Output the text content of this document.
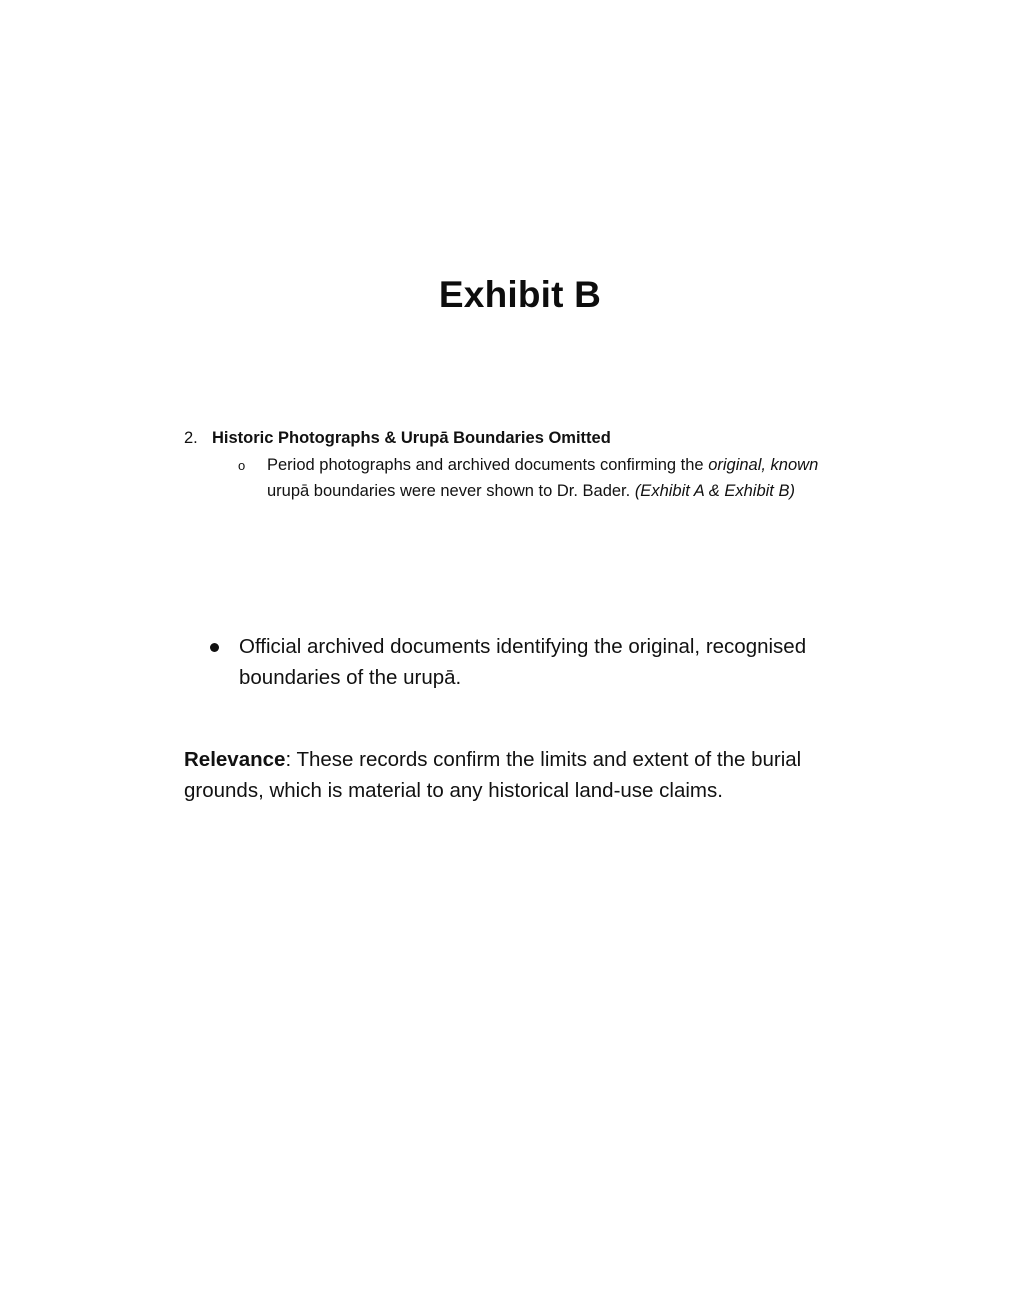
Exhibit B
2. Historic Photographs & Urupā Boundaries Omitted
o Period photographs and archived documents confirming the original, known urupā boundaries were never shown to Dr. Bader. (Exhibit A & Exhibit B)
Official archived documents identifying the original, recognised boundaries of the urupā.
Relevance: These records confirm the limits and extent of the burial grounds, which is material to any historical land-use claims.
